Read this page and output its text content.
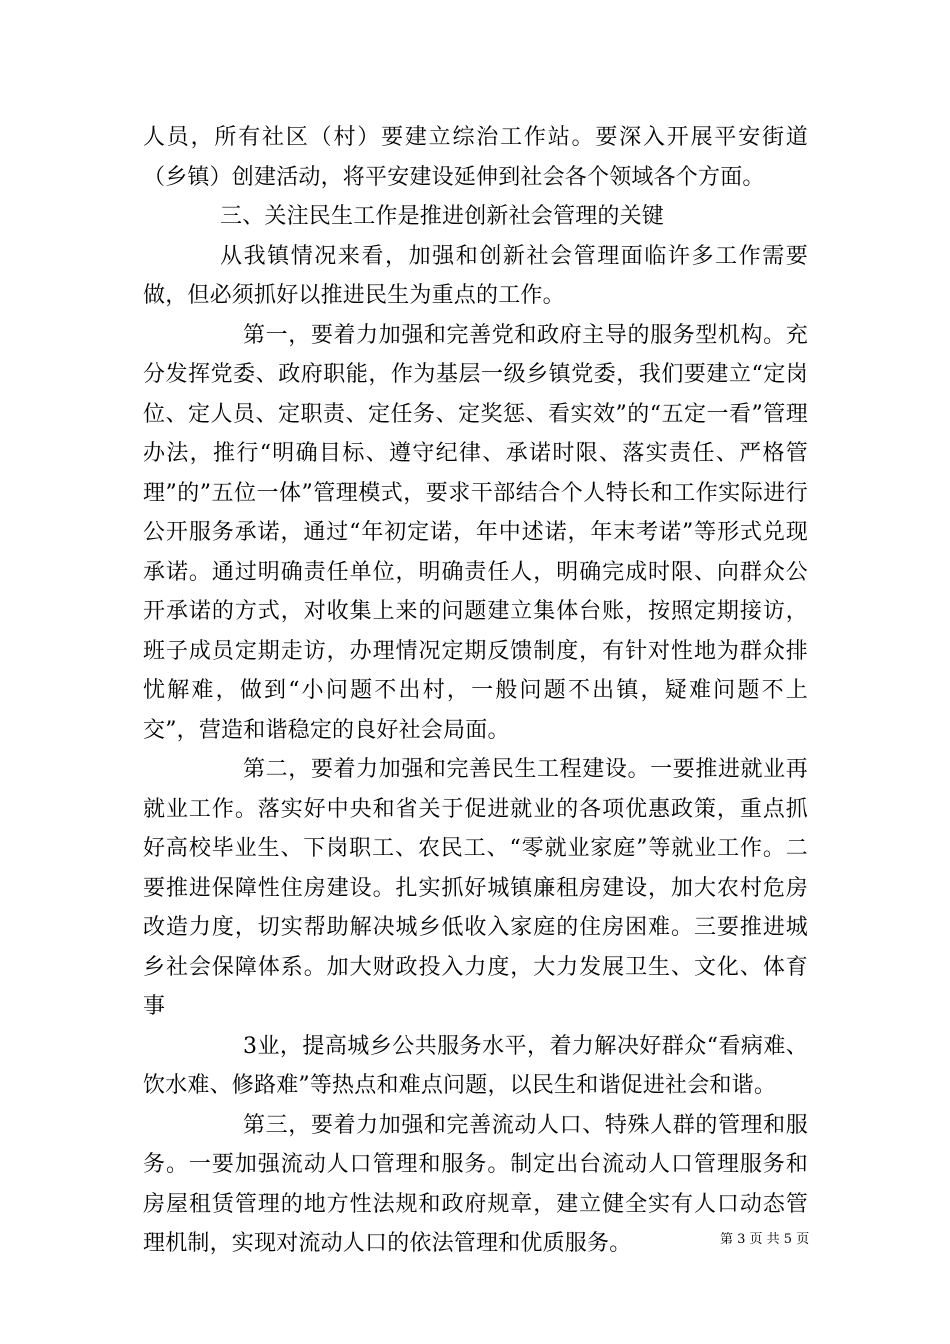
人员，所有社区（村）要建立综治工作站。要深入开展平安街道（乡镇）创建活动，将平安建设延伸到社会各个领域各个方面。

三、关注民生工作是推进创新社会管理的关键

从我镇情况来看，加强和创新社会管理面临许多工作需要做，但必须抓好以推进民生为重点的工作。

第一，要着力加强和完善党和政府主导的服务型机构。充分发挥党委、政府职能，作为基层一级乡镇党委，我们要建立“定岗位、定人员、定职责、定任务、定奖惩、看实效”的“五定一看”管理办法，推行“明确目标、遵守纪律、承诺时限、落实责任、严格管理”的”五位一体”管理模式，要求干部结合个人特长和工作实际进行公开服务承诺，通过“年初定诺，年中述诺，年末考诺”等形式兑现承诺。通过明确责任单位，明确责任人，明确完成时限、向群众公开承诺的方式，对收集上来的问题建立集体台账，按照定期接访，班子成员定期走访，办理情况定期反馈制度，有针对性地为群众排忧解难，做到“小问题不出村，一般问题不出镇，疑难问题不上交”，营造和谐稳定的良好社会局面。

第二，要着力加强和完善民生工程建设。一要推进就业再就业工作。落实好中央和省关于促进就业的各项优惠政策，重点抓好高校毕业生、下岗职工、农民工、“零就业家庭”等就业工作。二要推进保障性住房建设。扎实抓好城镇廉租房建设，加大农村危房改造力度，切实帮助解决城乡低收入家庭的住房困难。三要推进城乡社会保障体系。加大财政投入力度，大力发展卫生、文化、体育事

3业，提高城乡公共服务水平，着力解决好群众“看病难、饮水难、修路难”等热点和难点问题，以民生和谐促进社会和谐。

第三，要着力加强和完善流动人口、特殊人群的管理和服务。一要加强流动人口管理和服务。制定出台流动人口管理服务和房屋租赁管理的地方性法规和政府规章，建立健全实有人口动态管理机制，实现对流动人口的依法管理和优质服务。	第 3 页 共 5 页
